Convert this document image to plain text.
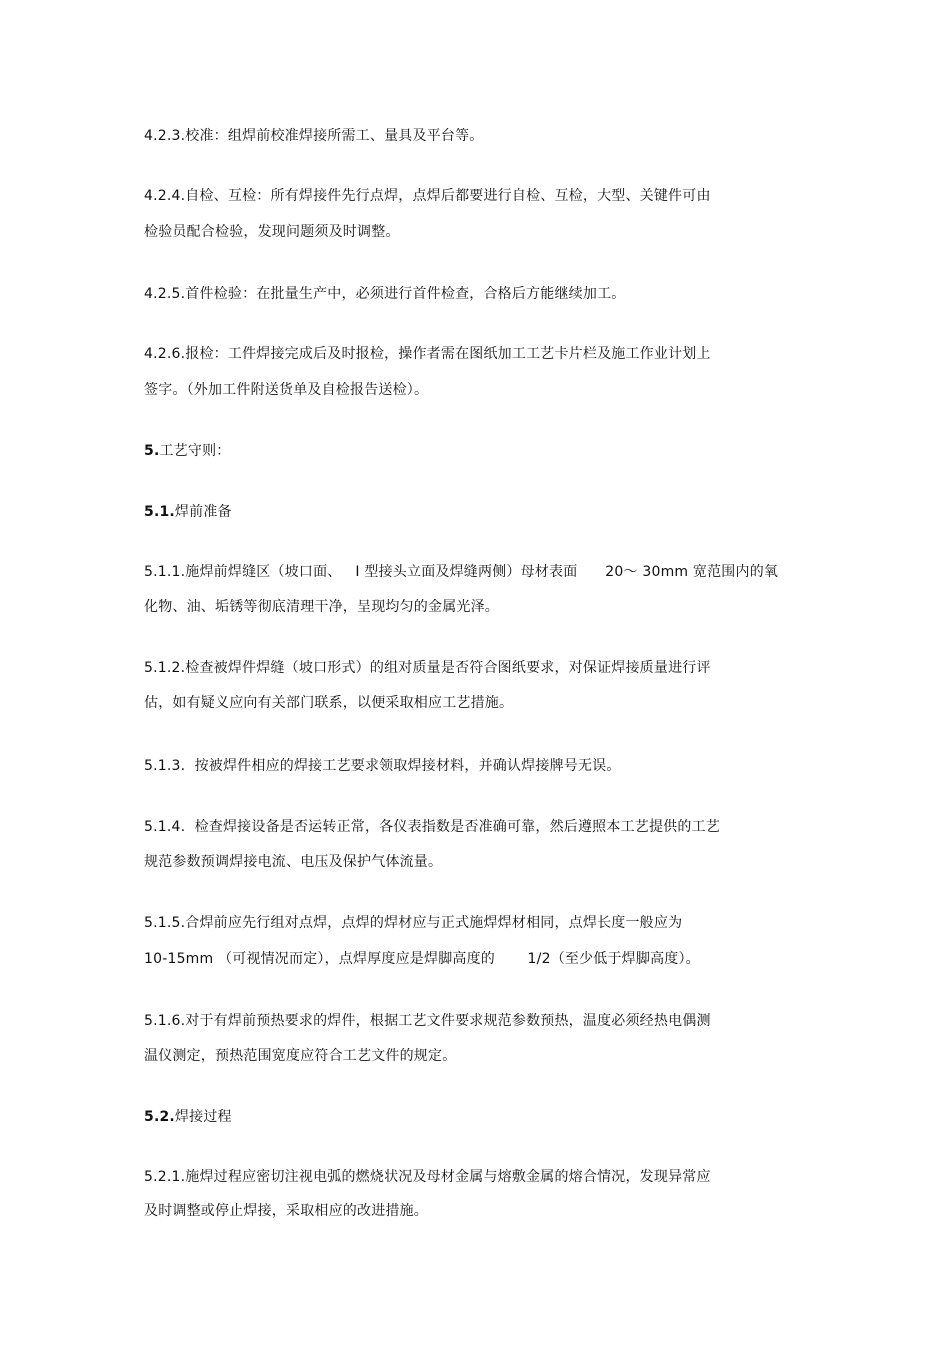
4.2.3.校准：组焊前校准焊接所需工、量具及平台等。
4.2.4.自检、互检：所有焊接件先行点焊，点焊后都要进行自检、互检，大型、关键件可由
检验员配合检验，发现问题须及时调整。
4.2.5.首件检验：在批量生产中，必须进行首件检查，合格后方能继续加工。
4.2.6.报检：工件焊接完成后及时报检，操作者需在图纸加工工艺卡片栏及施工作业计划上
签字。（外加工件附送货单及自检报告送检）。
5.工艺守则：
5.1.焊前准备
5.1.1.施焊前焊缝区（坡口面、   I 型接头立面及焊缝两侧）母材表面      20～ 30mm 宽范围内的氧
化物、油、垢锈等彻底清理干净，呈现均匀的金属光泽。
5.1.2.检查被焊件焊缝（坡口形式）的组对质量是否符合图纸要求，对保证焊接质量进行评
估，如有疑义应向有关部门联系，以便采取相应工艺措施。
5.1.3.  按被焊件相应的焊接工艺要求领取焊接材料，并确认焊接牌号无误。
5.1.4.  检查焊接设备是否运转正常，各仪表指数是否准确可靠，然后遵照本工艺提供的工艺
规范参数预调焊接电流、电压及保护气体流量。
5.1.5.合焊前应先行组对点焊，点焊的焊材应与正式施焊焊材相同，点焊长度一般应为
10-15mm （可视情况而定），点焊厚度应是焊脚高度的       1/2（至少低于焊脚高度）。
5.1.6.对于有焊前预热要求的焊件，根据工艺文件要求规范参数预热，温度必须经热电偶测
温仪测定，预热范围宽度应符合工艺文件的规定。
5.2.焊接过程
5.2.1.施焊过程应密切注视电弧的燃烧状况及母材金属与熔敷金属的熔合情况，发现异常应
及时调整或停止焊接，采取相应的改进措施。
